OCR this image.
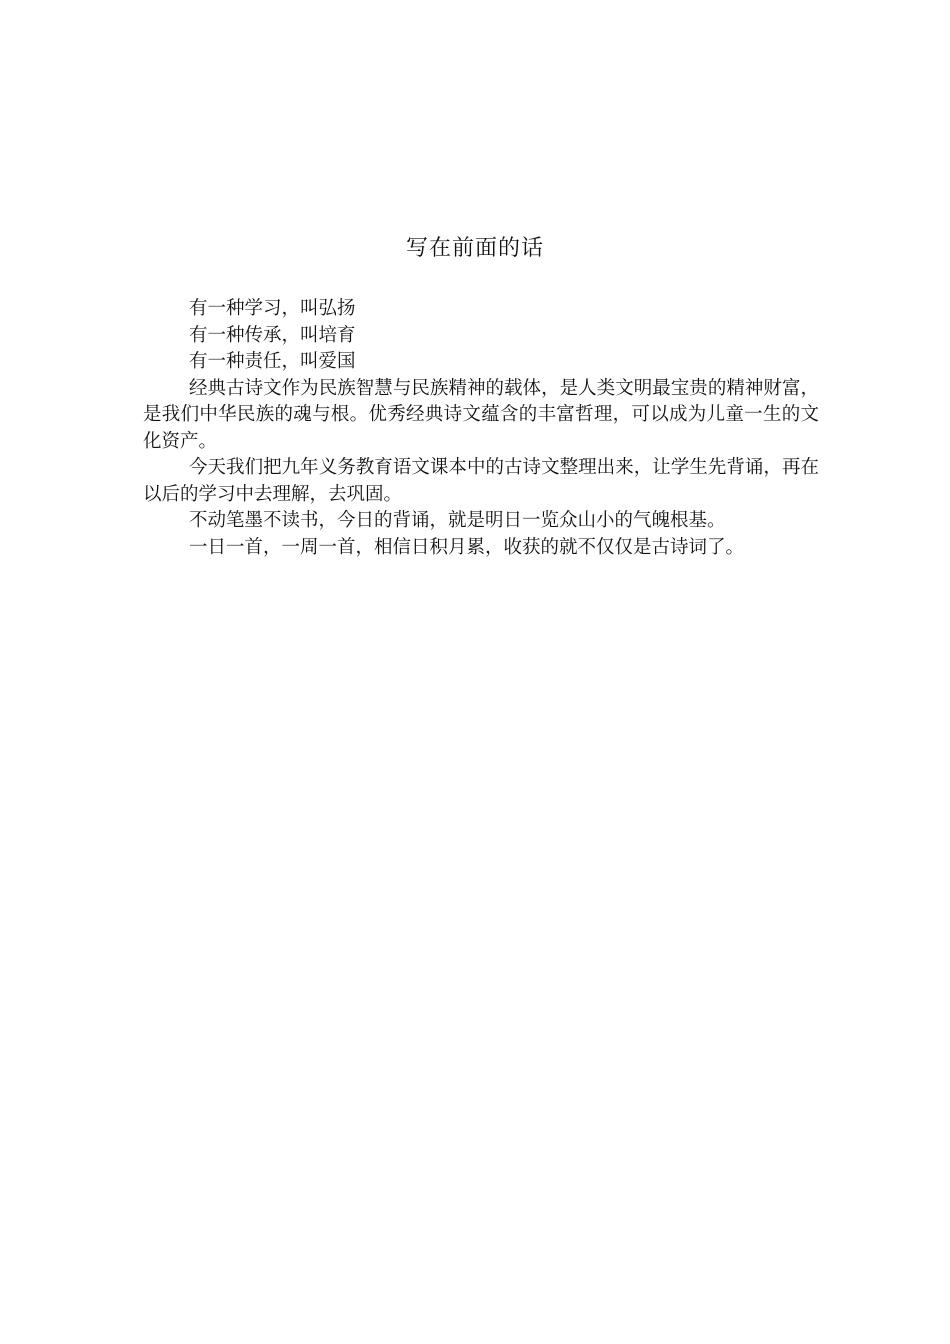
写在前面的话

有一种学习，叫弘扬

有一种传承，叫培育

有一种责任，叫爱国

经典古诗文作为民族智慧与民族精神的载体，是人类文明最宝贵的精神财富，是我们中华民族的魂与根。优秀经典诗文蕴含的丰富哲理，可以成为儿童一生的文化资产。

今天我们把九年义务教育语文课本中的古诗文整理出来，让学生先背诵，再在以后的学习中去理解，去巩固。

不动笔墨不读书，今日的背诵，就是明日一览众山小的气魄根基。

一日一首，一周一首，相信日积月累，收获的就不仅仅是古诗词了。
